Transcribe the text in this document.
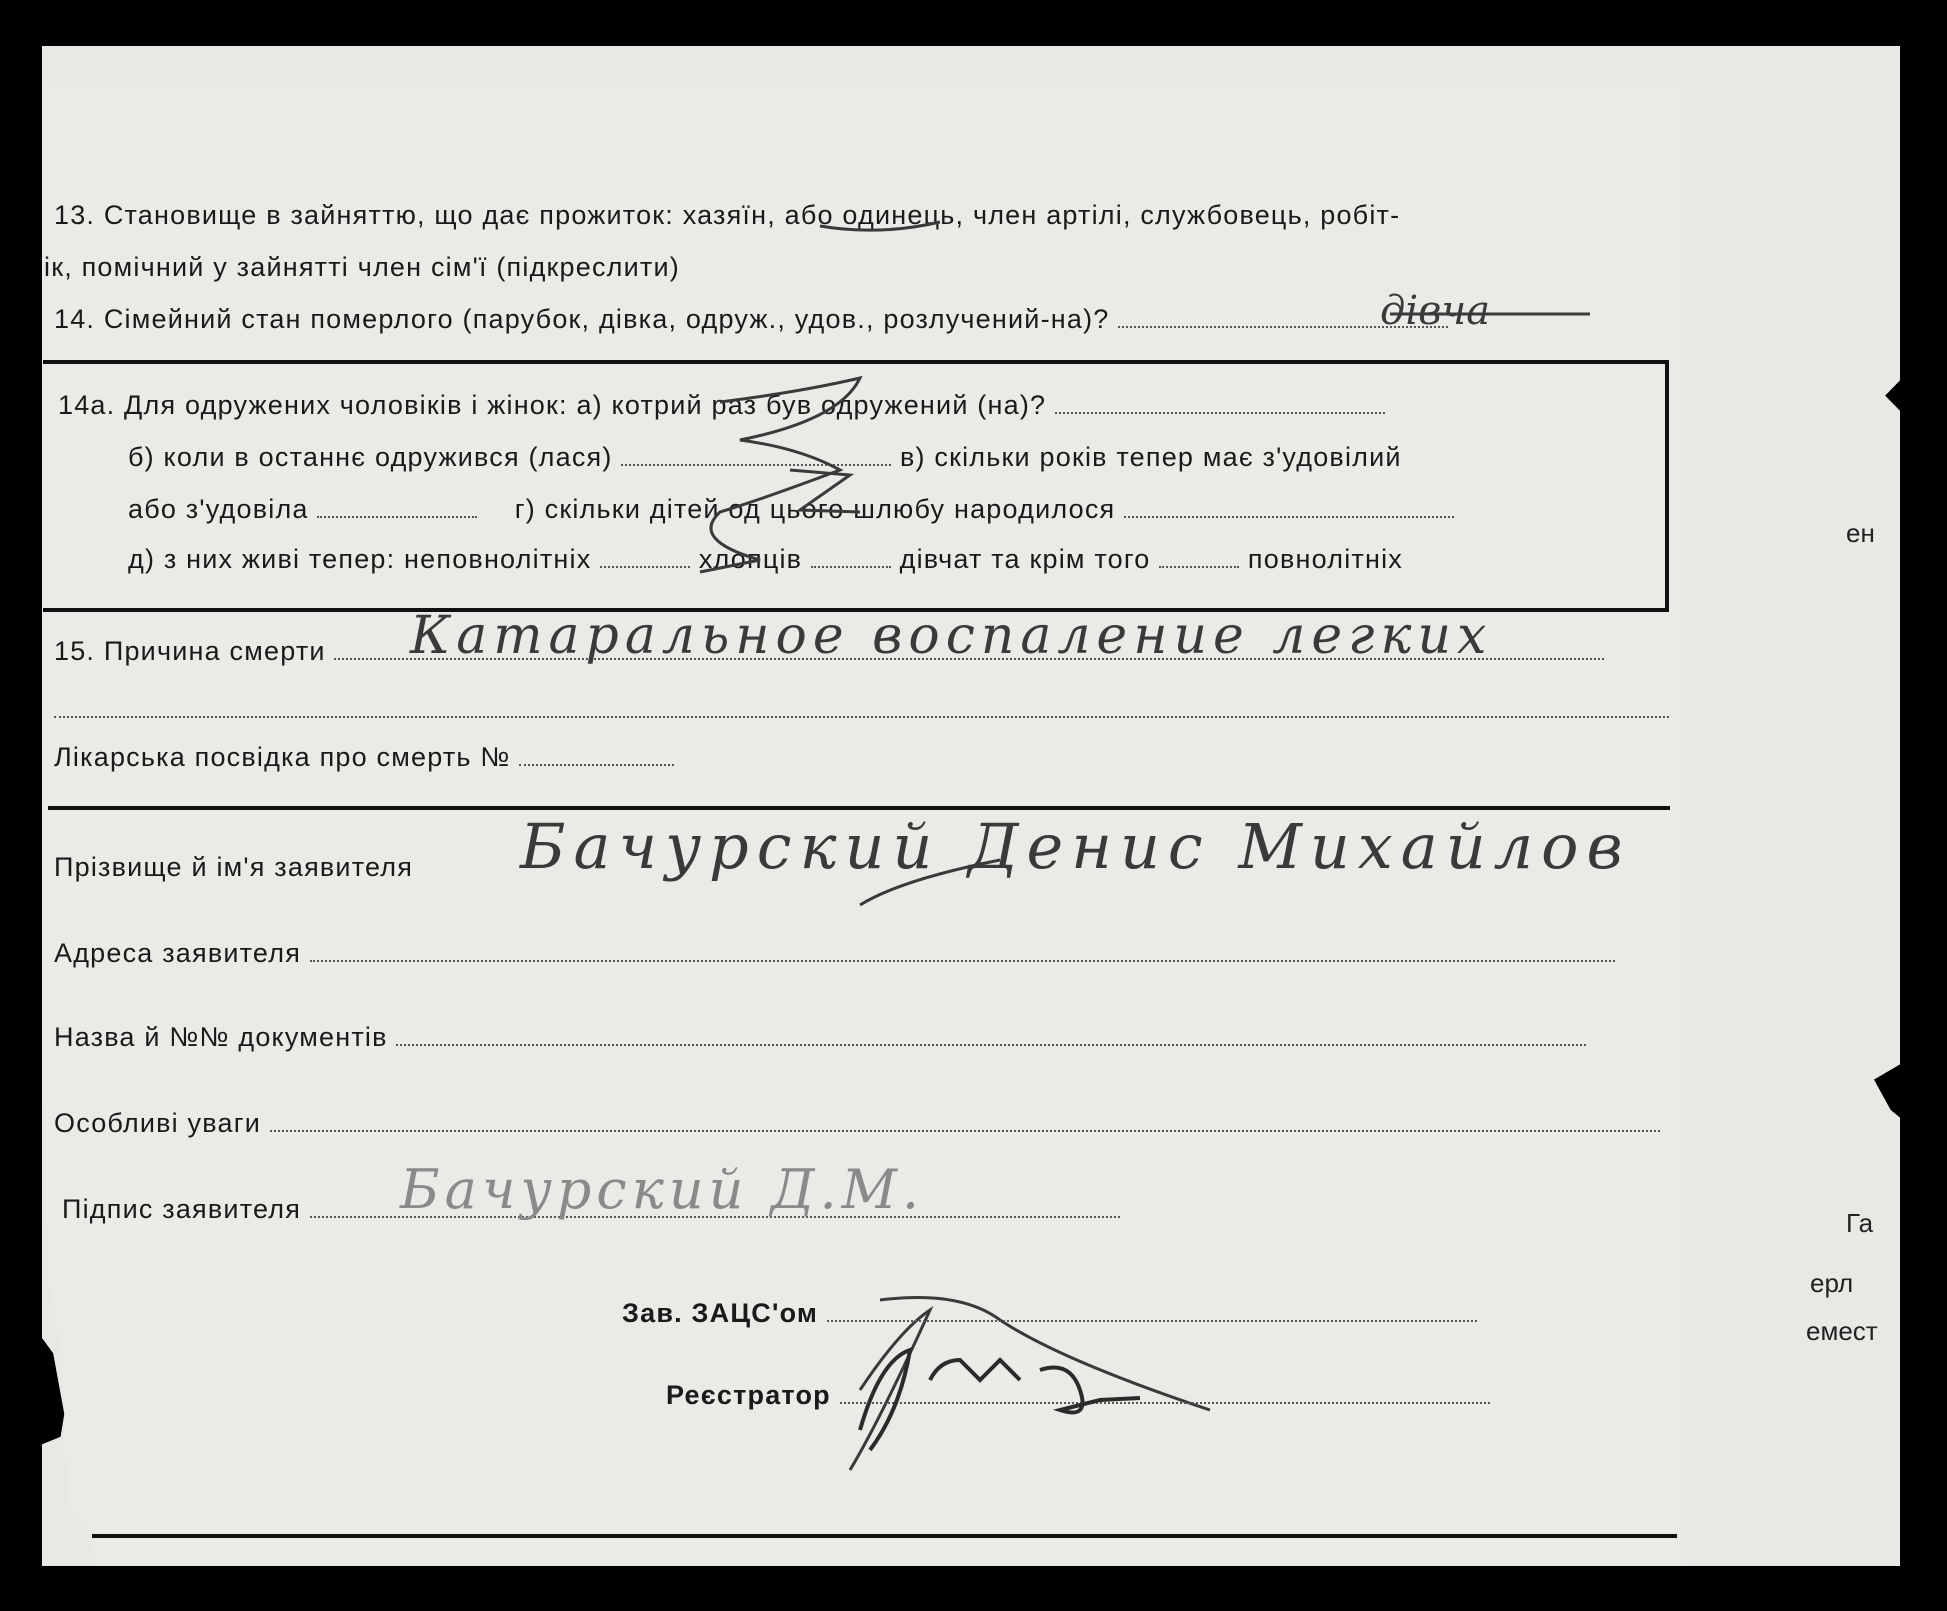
13. Становище в зайняттю, що дає прожиток: хазяїн, або одинець, член артілі, службовець, робіт-
ік, помічний у зайнятті член сім'ї (підкреслити)
14. Сімейний стан померлого (парубок, дівка, одруж., удов., розлучений-на)?	дівча
14а. Для одружених чоловіків і жінок: а) котрий раз був одружений (на)?
б) коли в останнє одружився (лася)	в) скільки років тепер має з'удовілий
або з'удовіла	г) скільки дітей од цього шлюбу народилося
д) з них живі тепер: неповнолітніх	хлопців	дівчат та крім того	повнолітніх
15. Причина смерти	Катаральное воспаление легких
Лікарська посвідка про смерть №
Прізвище й ім'я заявителя Бачурский Денис Михайлов
Адреса заявителя
Назва й №№ документів
Особливі уваги
Підпис заявителя	Бачурский Д.М.
Зав. ЗАЦС'ом
Реєстратор
ен
Га
ерл
емест
